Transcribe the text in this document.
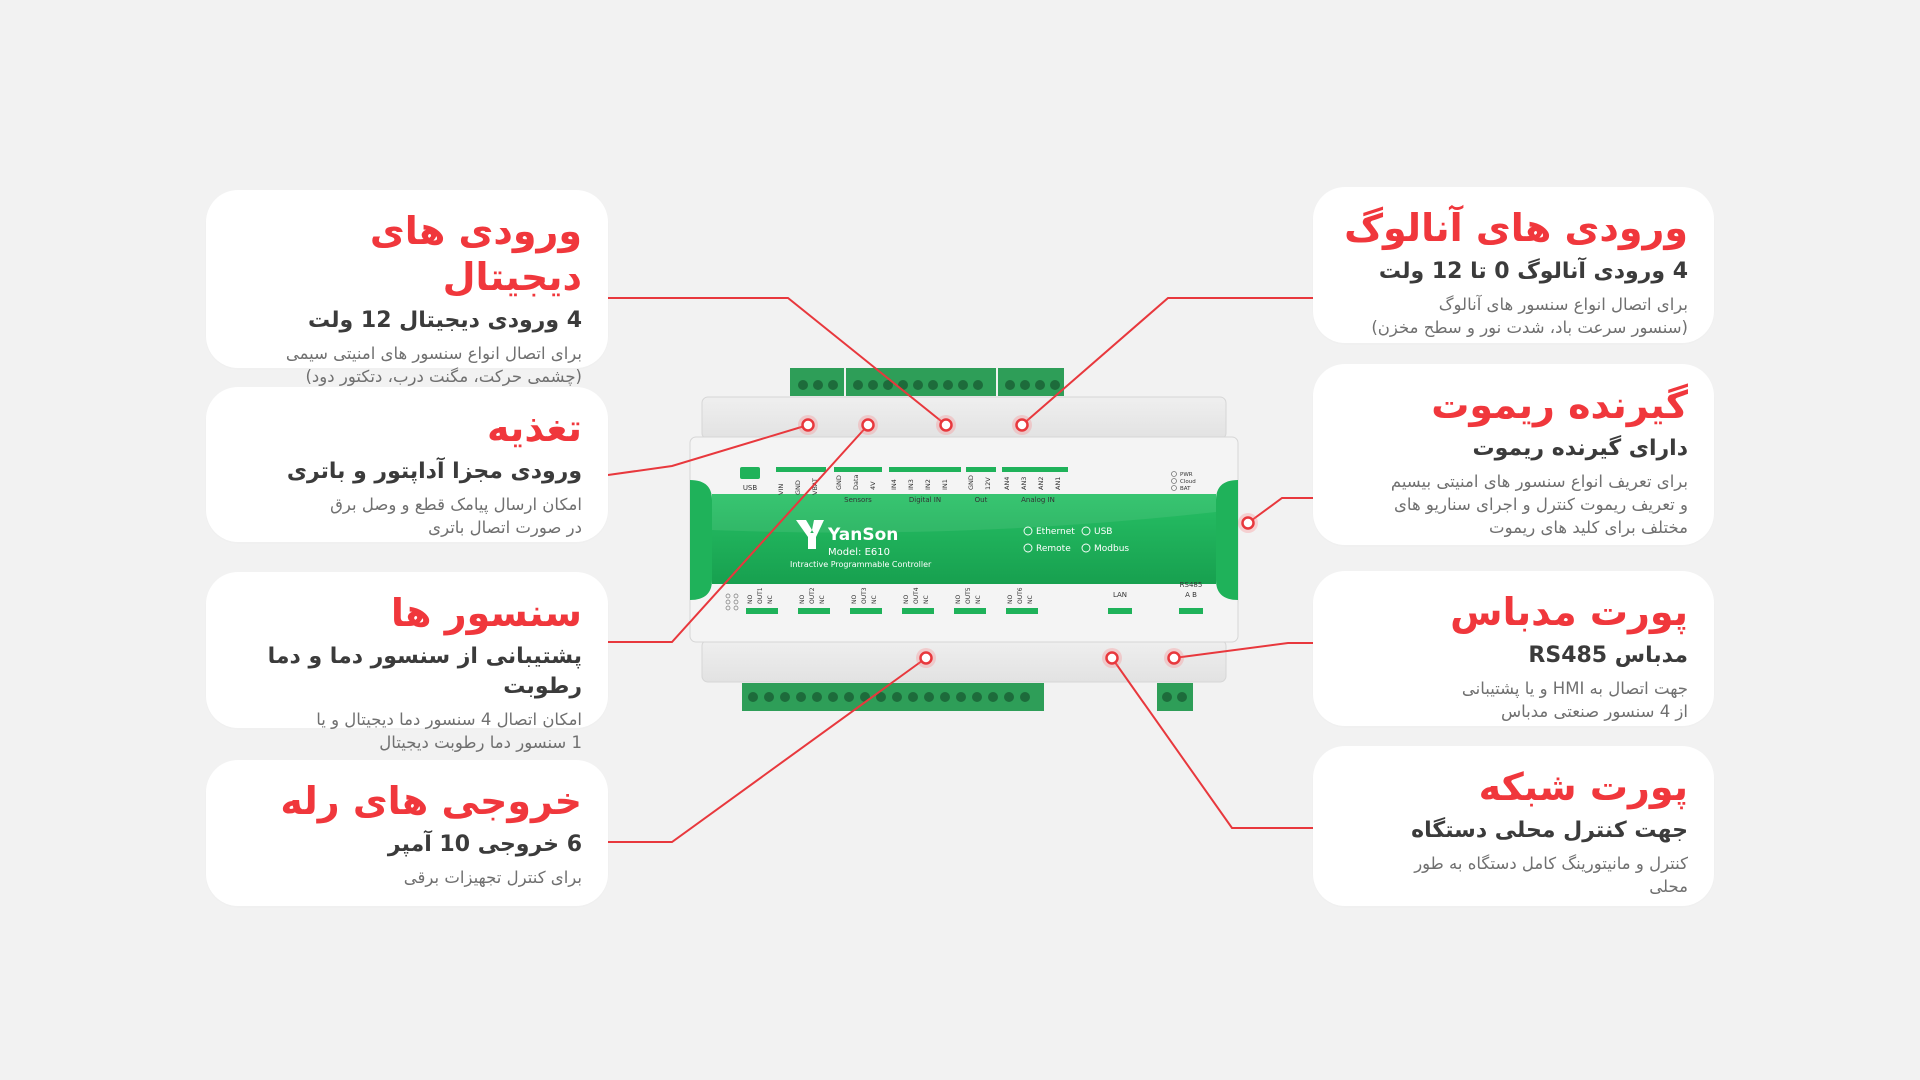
USB	VIN GND VBAT GND Data 4V
Sensors
IN4 IN3 IN2 IN1
Digital IN
GND 12V
Out
AN4 AN3 AN2 AN1
Analog IN
PWR
Cloud
BAT
YanSon
Model: E610
Intractive Programmable Controller
Ethernet USB
Remote	Modbus
NO OUT1 NC	NO OUT2 NC	NO OUT3 NC	NO OUT4 NC	NO OUT5 NC	NO OUT6 NC
LAN
RS485
A B
ورودی های دیجیتال
4 ورودی دیجیتال 12 ولت
برای اتصال انواع سنسور های امنیتی سیمی
(چشمی حرکت، مگنت درب، دتکتور دود)

تغذیه
ورودی مجزا آداپتور و باتری
امکان ارسال پیامک قطع و وصل برق
در صورت اتصال باتری
سنسور ها
پشتیبانی از سنسور دما و دما رطوبت
امکان اتصال 4 سنسور دما دیجیتال و یا
1 سنسور دما رطوبت دیجیتال
خروجی های رله
6 خروجی 10 آمپر
برای کنترل تجهیزات برقی
ورودی های آنالوگ
4 ورودی آنالوگ 0 تا 12 ولت
برای اتصال انواع سنسور های آنالوگ
(سنسور سرعت باد، شدت نور و سطح مخزن)
گیرنده ریموت
دارای گیرنده ریموت
برای تعریف انواع سنسور های امنیتی بیسیم
و تعریف ریموت کنترل و اجرای سناریو های
مختلف برای کلید های ریموت
پورت مدباس
مدباس RS485
جهت اتصال به HMI و یا پشتیبانی
از 4 سنسور صنعتی مدباس
پورت شبکه
جهت کنترل محلی دستگاه
کنترل و مانیتورینگ کامل دستگاه به طور
محلی
